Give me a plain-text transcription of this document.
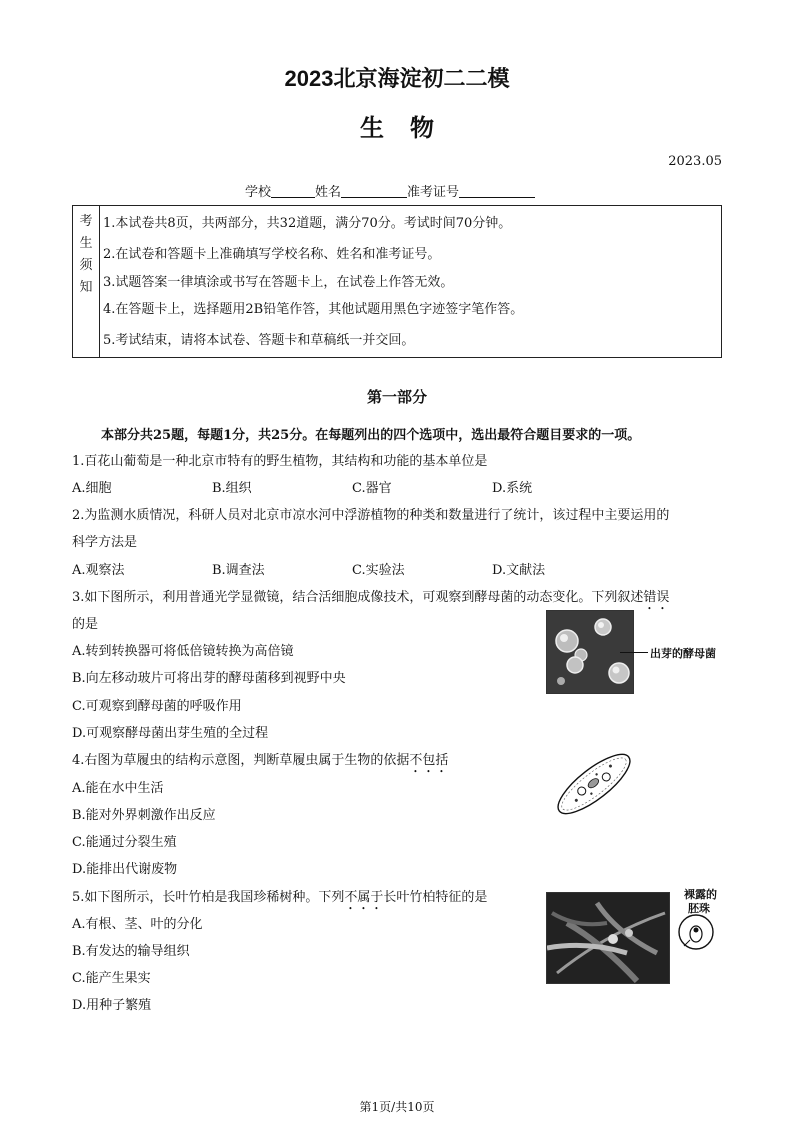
2023北京海淀初二二模
生物
2023.05
学校	姓名	准考证号
考
生
须
知
1.本试卷共8页，共两部分，共32道题，满分70分。考试时间70分钟。
2.在试卷和答题卡上准确填写学校名称、姓名和准考证号。
3.试题答案一律填涂或书写在答题卡上，在试卷上作答无效。
4.在答题卡上，选择题用2B铅笔作答，其他试题用黑色字迹签字笔作答。
5.考试结束，请将本试卷、答题卡和草稿纸一并交回。
第一部分
本部分共25题，每题1分，共25分。在每题列出的四个选项中，选出最符合题目要求的一项。
1.百花山葡萄是一种北京市特有的野生植物，其结构和功能的基本单位是
A.细胞	B.组织	C.器官	D.系统
2.为监测水质情况，科研人员对北京市凉水河中浮游植物的种类和数量进行了统计，该过程中主要运用的
科学方法是
A.观察法	B.调查法	C.实验法	D.文献法
3.如下图所示，利用普通光学显微镜，结合活细胞成像技术，可观察到酵母菌的动态变化。下列叙述错误
的是
A.转到转换器可将低倍镜转换为高倍镜
B.向左移动玻片可将出芽的酵母菌移到视野中央
C.可观察到酵母菌的呼吸作用
D.可观察酵母菌出芽生殖的全过程
出芽的酵母菌
4.右图为草履虫的结构示意图，判断草履虫属于生物的依据不包括
A.能在水中生活
B.能对外界刺激作出反应
C.能通过分裂生殖
D.能排出代谢废物
5.如下图所示，长叶竹柏是我国珍稀树种。下列不属于长叶竹柏特征的是
A.有根、茎、叶的分化
B.有发达的输导组织
C.能产生果实
D.用种子繁殖
裸露的
胚珠
第1页/共10页
